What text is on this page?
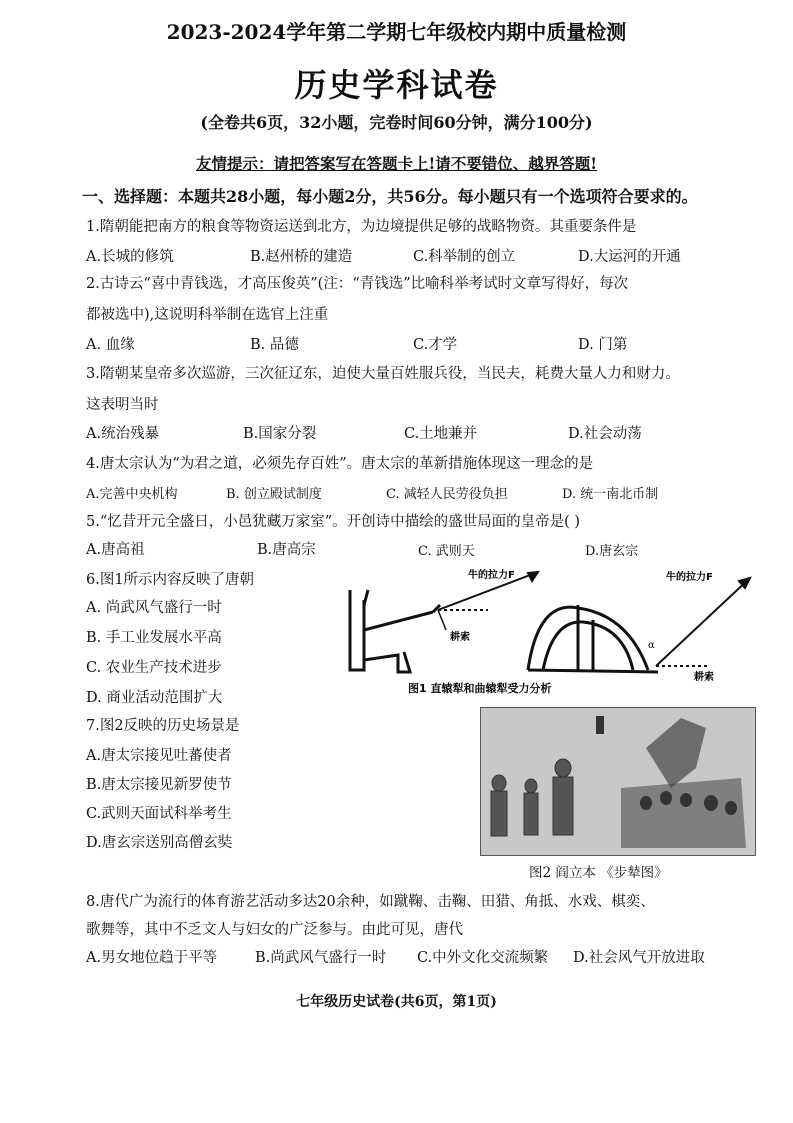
2023-2024学年第二学期七年级校内期中质量检测
历史学科试卷
(全卷共6页，32小题，完卷时间60分钟，满分100分)
友情提示：请把答案写在答题卡上!请不要错位、越界答题!
一、选择题：本题共28小题，每小题2分，共56分。每小题只有一个选项符合要求的。
1.隋朝能把南方的粮食等物资运送到北方，为边境提供足够的战略物资。其重要条件是
A.长城的修筑	B.赵州桥的建造	C.科举制的创立	D.大运河的开通
2.古诗云“喜中青钱选，才高压俊英”(注：“青钱选”比喻科举考试时文章写得好，每次
都被选中),这说明科举制在选官上注重
A. 血缘	B. 品德	C.才学	D. 门第
3.隋朝某皇帝多次巡游，三次征辽东，迫使大量百姓服兵役，当民夫，耗费大量人力和财力。
这表明当时
A.统治残暴	B.国家分裂	C.土地兼并	D.社会动荡
4.唐太宗认为“为君之道，必须先存百姓”。唐太宗的革新措施体现这一理念的是
A.完善中央机构	B. 创立殿试制度	C. 减轻人民劳役负担	D. 统一南北币制
5.“忆昔开元全盛日，小邑犹藏万家室”。开创诗中描绘的盛世局面的皇帝是( )
A.唐高祖	B.唐高宗	C. 武则天	D.唐玄宗
6.图1所示内容反映了唐朝
A. 尚武风气盛行一时
B. 手工业发展水平高
C. 农业生产技术进步
D. 商业活动范围扩大
牛的拉力F
耕索
牛的拉力F
耕索
α
图1 直辕犁和曲辕犁受力分析
7.图2反映的历史场景是
A.唐太宗接见吐蕃使者
B.唐太宗接见新罗使节
C.武则天面试科举考生
D.唐玄宗送别高僧玄奘
图2 阎立本 《步辇图》
8.唐代广为流行的体育游艺活动多达20余种，如蹴鞠、击鞠、田猎、角抵、水戏、棋奕、
歌舞等，其中不乏文人与妇女的广泛参与。由此可见，唐代
A.男女地位趋于平等	B.尚武风气盛行一时 C.中外文化交流频繁 D.社会风气开放进取
七年级历史试卷(共6页，第1页)
